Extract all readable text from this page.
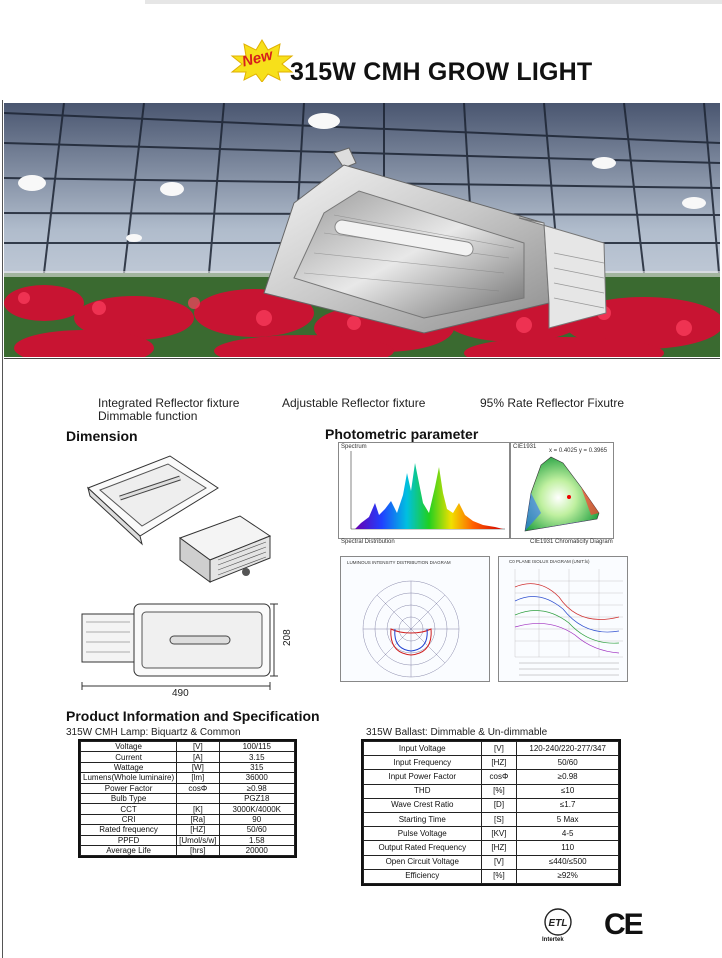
New 315W CMH GROW LIGHT
Integrated Reflector fixture
Dimmable function
Adjustable Reflector fixture	95% Rate Reflector Fixutre
Dimension
208
490
Photometric parameter
Spectrum
Spectral Distribution
CIE1931
x = 0.4025 y = 0.3965
CIE1931 Chromaticity Diagram
LUMINOUS INTENSITY DISTRIBUTION DIAGRAM	C0 PLANE ISOLUX DIAGRAM (UNIT:lx)
Product Information and Specification
315W CMH Lamp: Biquartz & Common	315W Ballast: Dimmable & Un-dimmable
Voltage	[V]	100/115
Current	[A]	3.15
Wattage	[W]	315
Lumens(Whole luminaire)	[lm]	36000
Power Factor	cosΦ	≥0.98
Bulb Type		PGZ18
CCT	[K]	3000K/4000K
CRI	[Ra]	90
Rated frequency	[HZ]	50/60
PPFD	[Umol/s/w]	1.58
Average Life	[hrs]	20000
Input Voltage	[V]	120-240/220-277/347
Input Frequency	[HZ]	50/60
Input Power Factor	cosΦ	≥0.98
THD	[%]	≤10
Wave Crest Ratio	[D]	≤1.7
Starting Time	[S]	5 Max
Pulse Voltage	[KV]	4-5
Output Rated Frequency	[HZ]	110
Open Circuit Voltage	[V]	≤440/≤500
Efficiency	[%]	≥92%
ETL
Intertek CE
